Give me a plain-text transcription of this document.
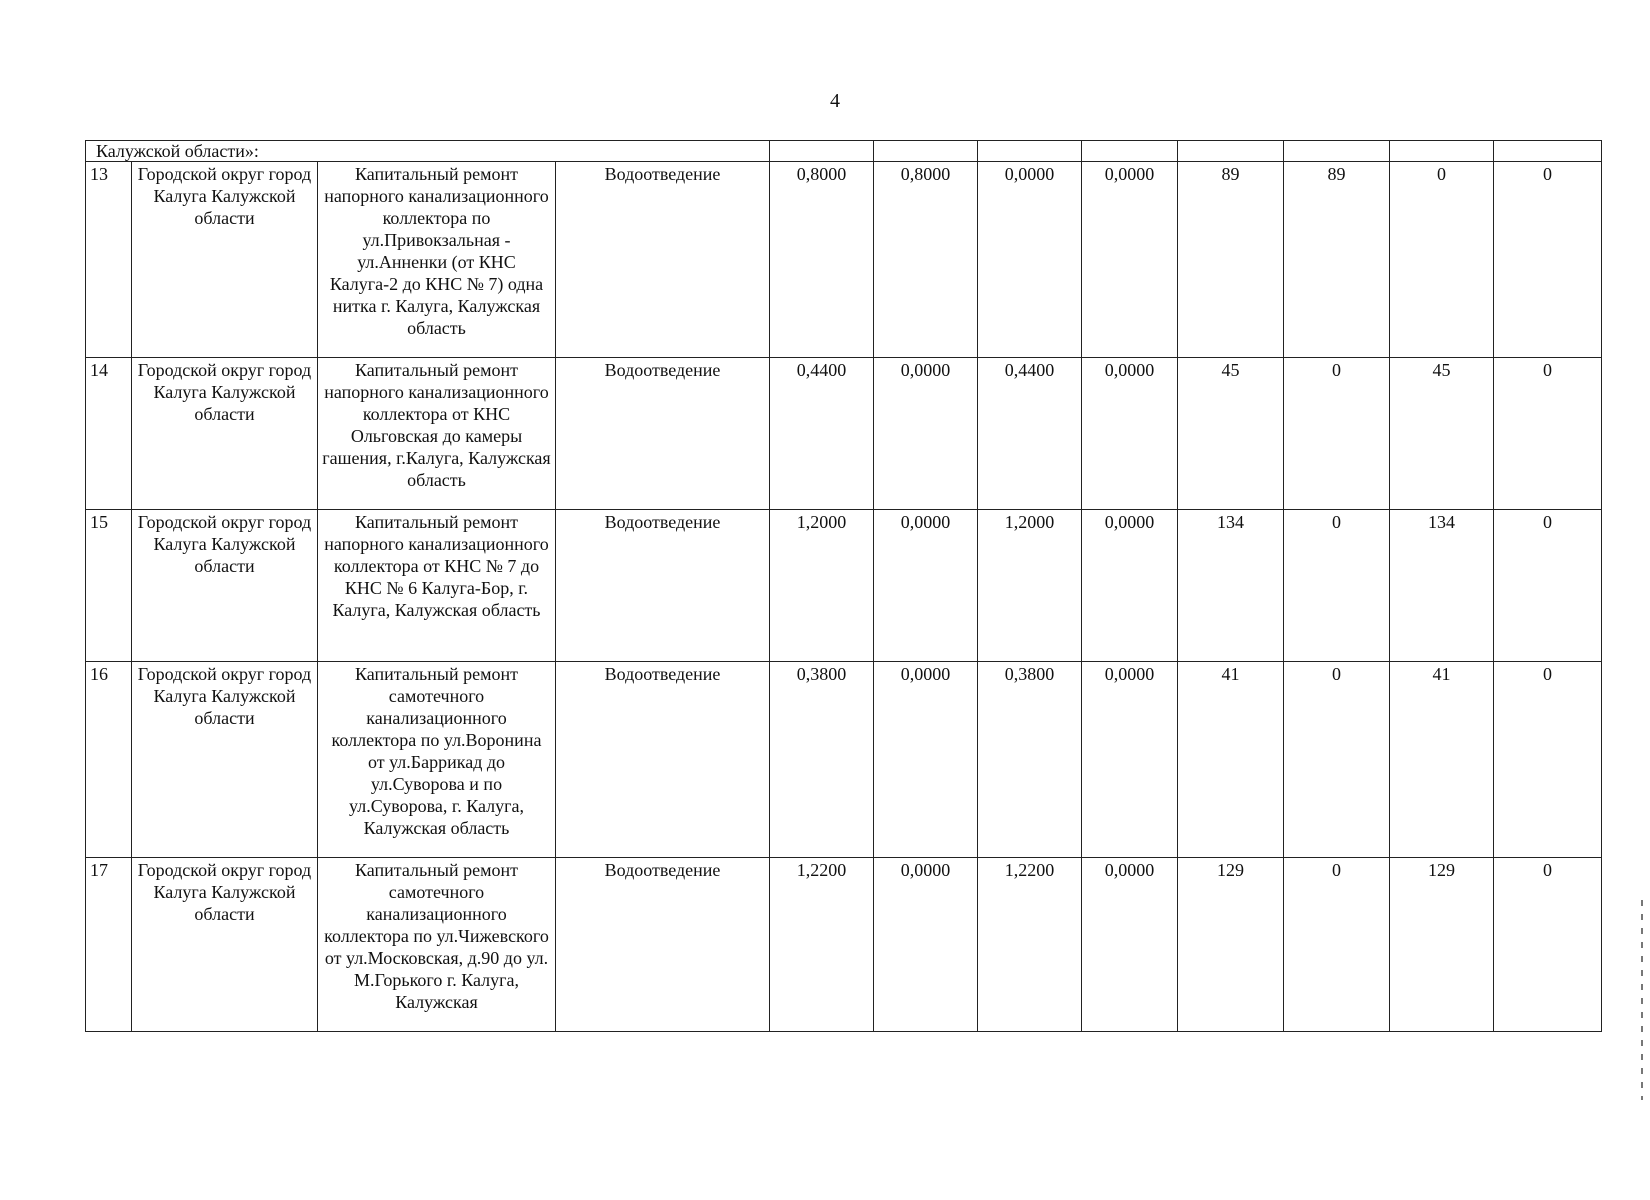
4
Калужской области»:											
13	Городской округ город Калуга Калужской области	Капитальный ремонт напорного канализационного коллектора по ул.Привокзальная - ул.Анненки (от КНС Калуга-2 до КНС № 7) одна нитка г. Калуга, Калужская область	Водоотведение	0,8000	0,8000	0,0000	0,0000	89	89	0	0
14	Городской округ город Калуга Калужской области	Капитальный ремонт напорного канализационного коллектора от КНС Ольговская до камеры гашения, г.Калуга, Калужская область	Водоотведение	0,4400	0,0000	0,4400	0,0000	45	0	45	0
15	Городской округ город Калуга Калужской области	Капитальный ремонт напорного канализационного коллектора от КНС № 7 до КНС № 6 Калуга-Бор, г. Калуга, Калужская область	Водоотведение	1,2000	0,0000	1,2000	0,0000	134	0	134	0
16	Городской округ город Калуга Калужской области	Капитальный ремонт самотечного канализационного коллектора по ул.Воронина от ул.Баррикад до ул.Суворова и по ул.Суворова, г. Калуга, Калужская область	Водоотведение	0,3800	0,0000	0,3800	0,0000	41	0	41	0
17	Городской округ город Калуга Калужской области	Капитальный ремонт самотечного канализационного коллектора по ул.Чижевского от ул.Московская, д.90 до ул. М.Горького г. Калуга, Калужская	Водоотведение	1,2200	0,0000	1,2200	0,0000	129	0	129	0
